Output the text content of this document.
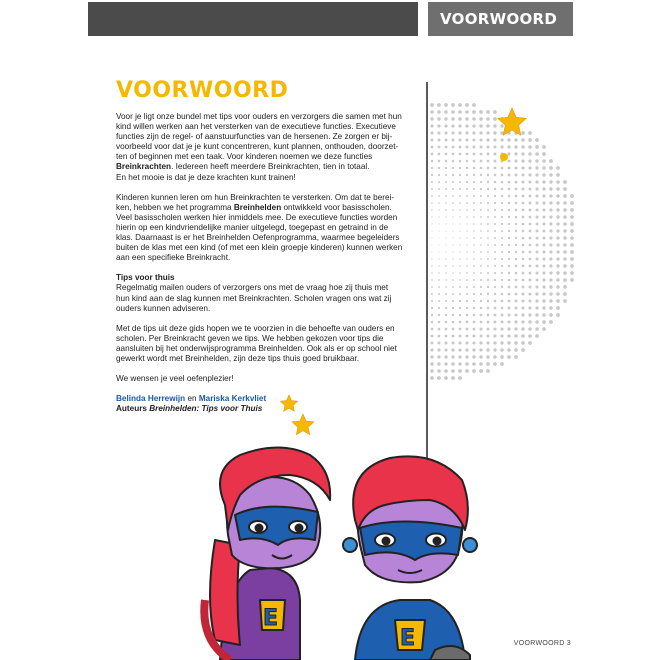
VOORWOORD
VOORWOORD

Voor je ligt onze bundel met tips voor ouders en verzorgers die samen met hun kind willen werken aan het versterken van de executieve functies. Executieve functies zijn de regel- of aanstuurfuncties van de hersenen. Ze zorgen er bij-voorbeeld voor dat je je kunt concentreren, kunt plannen, onthouden, doorzet-ten of beginnen met een taak. Voor kinderen noemen we deze functies Breinkrachten. Iedereen heeft meerdere Breinkrachten, tien in totaal.
En het mooie is dat je deze krachten kunt trainen!

Kinderen kunnen leren om hun Breinkrachten te versterken. Om dat te berei-ken, hebben we het programma Breinhelden ontwikkeld voor basisscholen. Veel basisscholen werken hier inmiddels mee. De executieve functies worden hierin op een kindvriendelijke manier uitgelegd, toegepast en getraind in de klas. Daarnaast is er het Breinhelden Oefenprogramma, waarmee begeleiders buiten de klas met een kind (of met een klein groepje kinderen) kunnen werken aan een specifieke Breinkracht.

Tips voor thuis
Regelmatig mailen ouders of verzorgers ons met de vraag hoe zij thuis met hun kind aan de slag kunnen met Breinkrachten. Scholen vragen ons wat zij ouders kunnen adviseren.

Met de tips uit deze gids hopen we te voorzien in die behoefte van ouders en scholen. Per Breinkracht geven we tips. We hebben gekozen voor tips die aansluiten bij het onderwijsprogramma Breinhelden. Ook als er op school niet gewerkt wordt met Breinhelden, zijn deze tips thuis goed bruikbaar.

We wensen je veel oefenplezier!

Belinda Herrewijn en Mariska Kerkvliet
Auteurs Breinhelden: Tips voor Thuis

E
E	VOORWOORD 3
